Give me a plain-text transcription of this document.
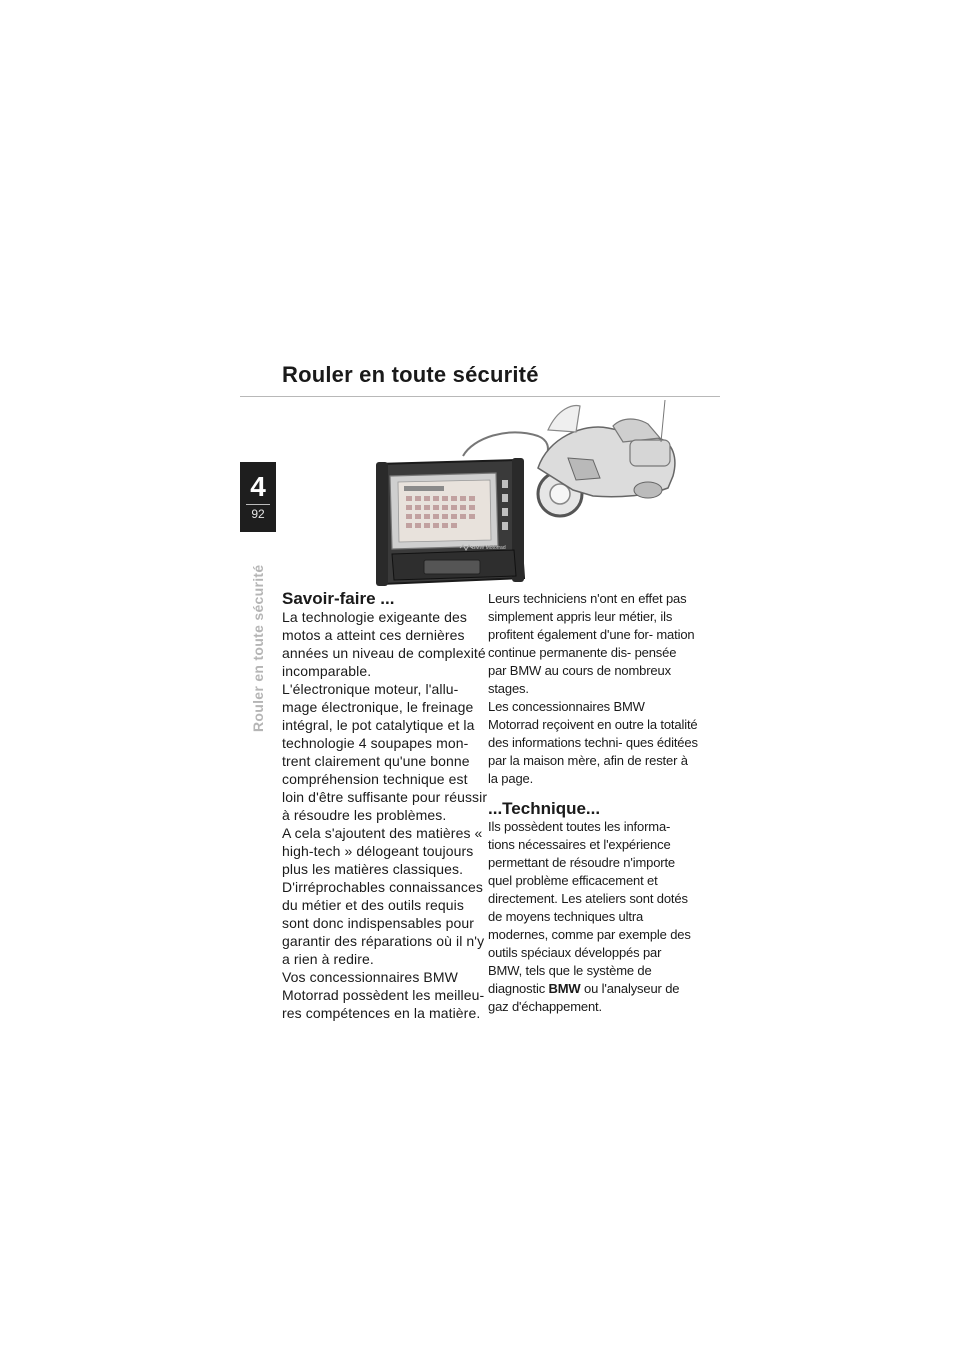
Rouler en toute sécurité
4
92
Rouler en toute sécurité
BMW Motorrad
Savoir-faire ...

La technologie exigeante des motos a atteint ces dernières années un niveau de complexité incomparable.

L'électronique moteur, l'allu- mage électronique, le freinage intégral, le pot catalytique et la technologie 4 soupapes mon- trent clairement qu'une bonne compréhension technique est loin d'être suffisante pour réussir à résoudre les problèmes.

A cela s'ajoutent des matières « high-tech » délogeant toujours plus les matières classiques.

D'irréprochables connaissances du métier et des outils requis sont donc indispensables pour garantir des réparations où il n'y a rien à redire.

Vos concessionnaires BMW Motorrad possèdent les meilleu- res compétences en la matière.

Leurs techniciens n'ont en effet pas simplement appris leur métier, ils profitent également d'une for- mation continue permanente dis- pensée par BMW au cours de nombreux stages.

Les concessionnaires BMW Motorrad reçoivent en outre la totalité des informations techni- ques éditées par la maison mère, afin de rester à la page.

...Technique...

Ils possèdent toutes les informa- tions nécessaires et l'expérience permettant de résoudre n'importe quel problème efficacement et directement. Les ateliers sont dotés de moyens techniques ultra modernes, comme par exemple des outils spéciaux développés par BMW, tels que le système de diagnostic BMW ou l'analyseur de gaz d'échappement.
